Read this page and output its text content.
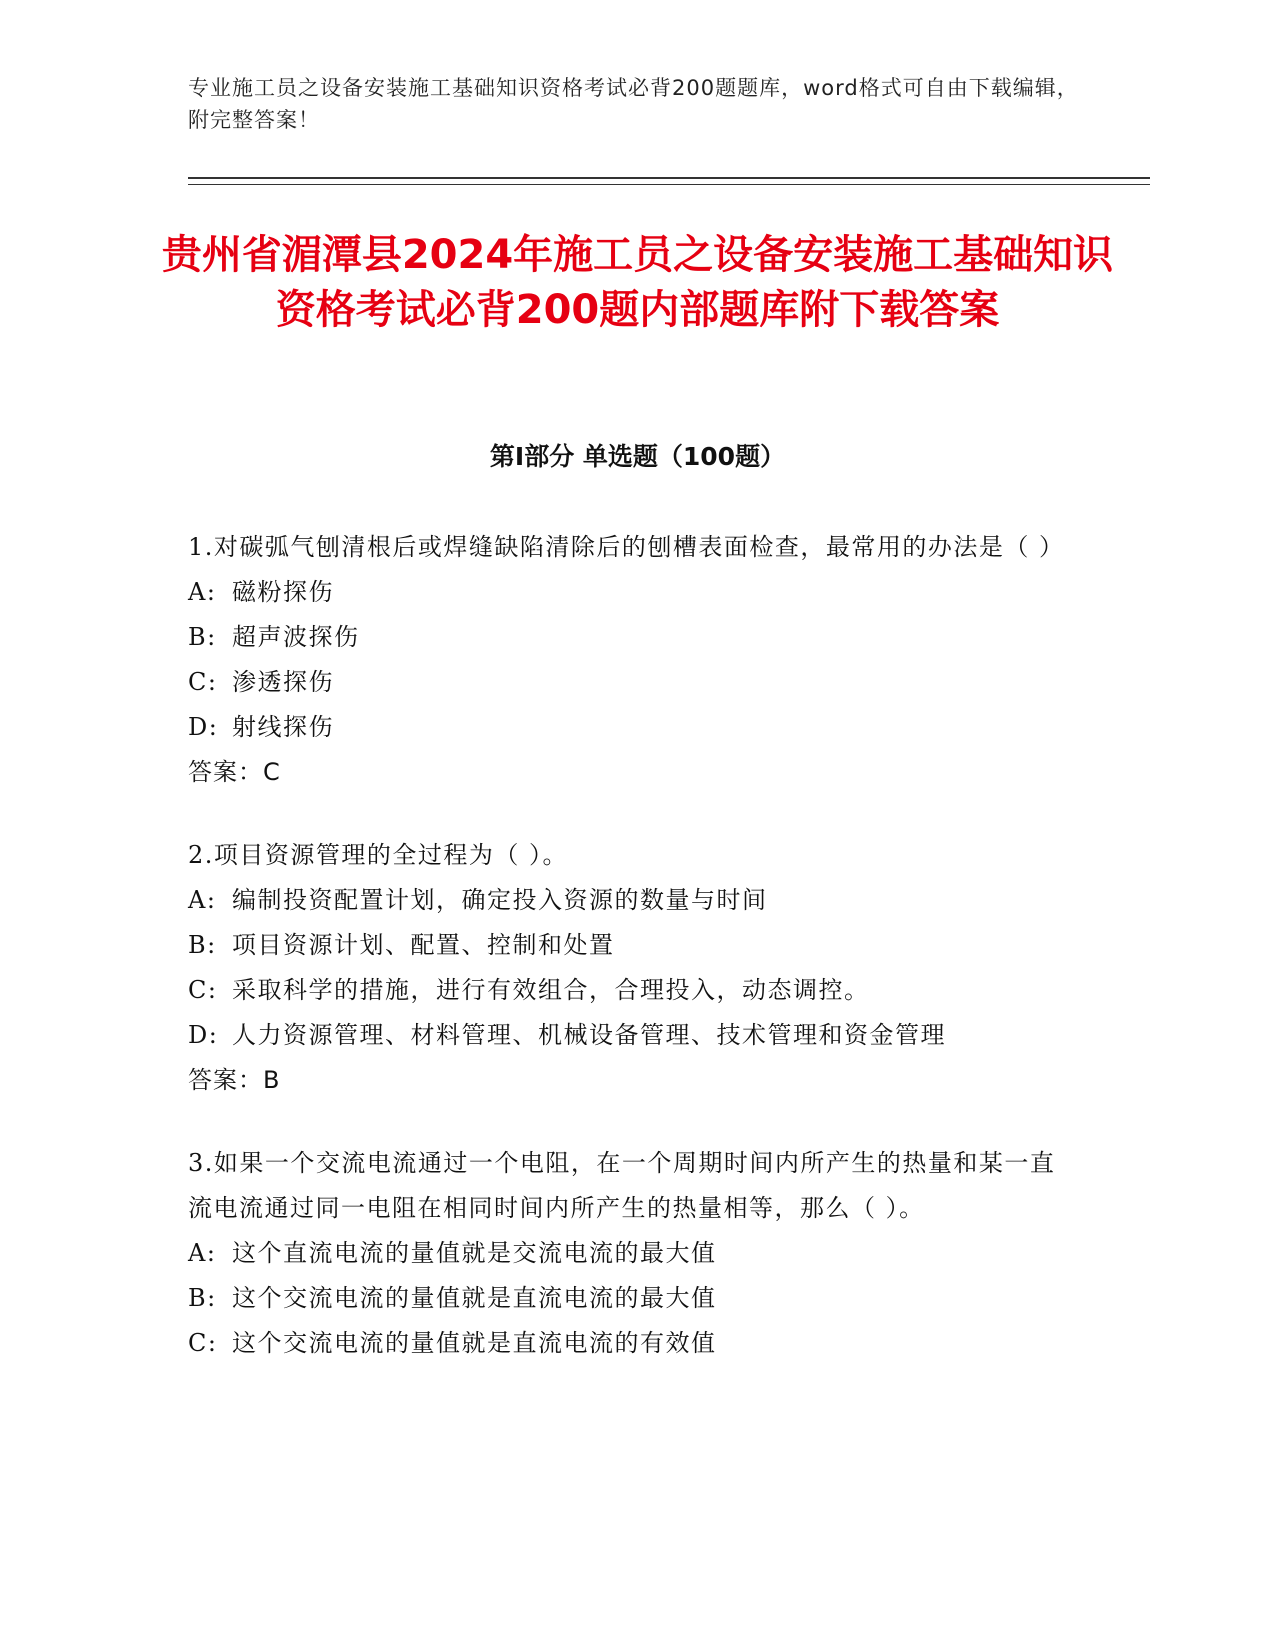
专业施工员之设备安装施工基础知识资格考试必背200题题库，word格式可自由下载编辑，附完整答案！
贵州省湄潭县2024年施工员之设备安装施工基础知识资格考试必背200题内部题库附下载答案
第Ⅰ部分 单选题（100题）

1.对碳弧气刨清根后或焊缝缺陷清除后的刨槽表面检查，最常用的办法是（ ）

A: 磁粉探伤
B: 超声波探伤
C: 渗透探伤
D: 射线探伤
答案：C

2.项目资源管理的全过程为（ ）。

A: 编制投资配置计划，确定投入资源的数量与时间
B: 项目资源计划、配置、控制和处置
C: 采取科学的措施，进行有效组合，合理投入，动态调控。
D: 人力资源管理、材料管理、机械设备管理、技术管理和资金管理
答案：B

3.如果一个交流电流通过一个电阻，在一个周期时间内所产生的热量和某一直流电流通过同一电阻在相同时间内所产生的热量相等，那么（ ）。

A: 这个直流电流的量值就是交流电流的最大值
B: 这个交流电流的量值就是直流电流的最大值
C: 这个交流电流的量值就是直流电流的有效值
